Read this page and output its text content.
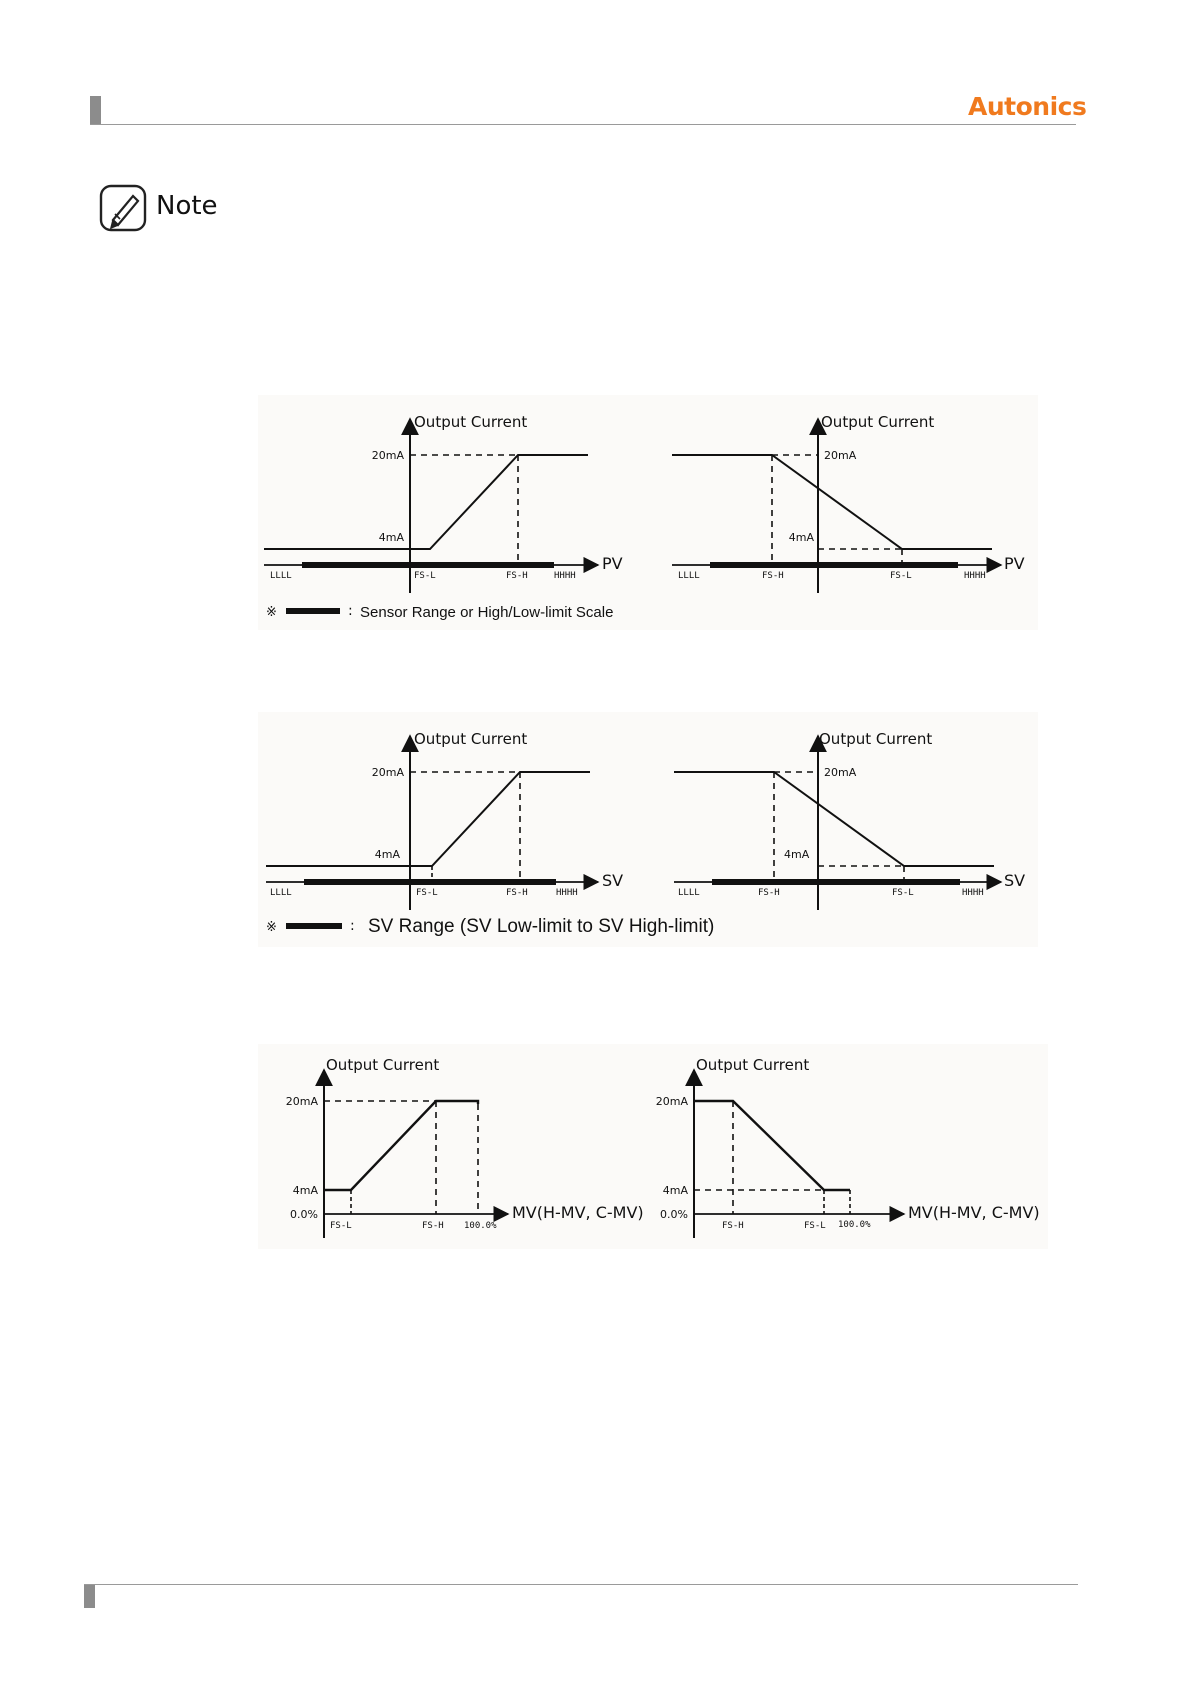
Autonics
Note
Output Current
20mA
4mA
PV
LLLL	FS-L	FS-H	HHHH
Output Current
20mA
4mA
PV
LLLL	FS-H	FS-L	HHHH
※	: Sensor Range or High/Low-limit Scale
Output Current
20mA
4mA
SV
LLLL	FS-L	FS-H	HHHH
Output Current
20mA
4mA
SV
LLLL	FS-H	FS-L	HHHH
※	: SV Range (SV Low-limit to SV High-limit)
Output Current
20mA
4mA
0.0%	MV(H-MV, C-MV)
FS-L	FS-H 100.0%
Output Current
20mA
4mA
0.0%	MV(H-MV, C-MV)
FS-H	FS-L 100.0%
